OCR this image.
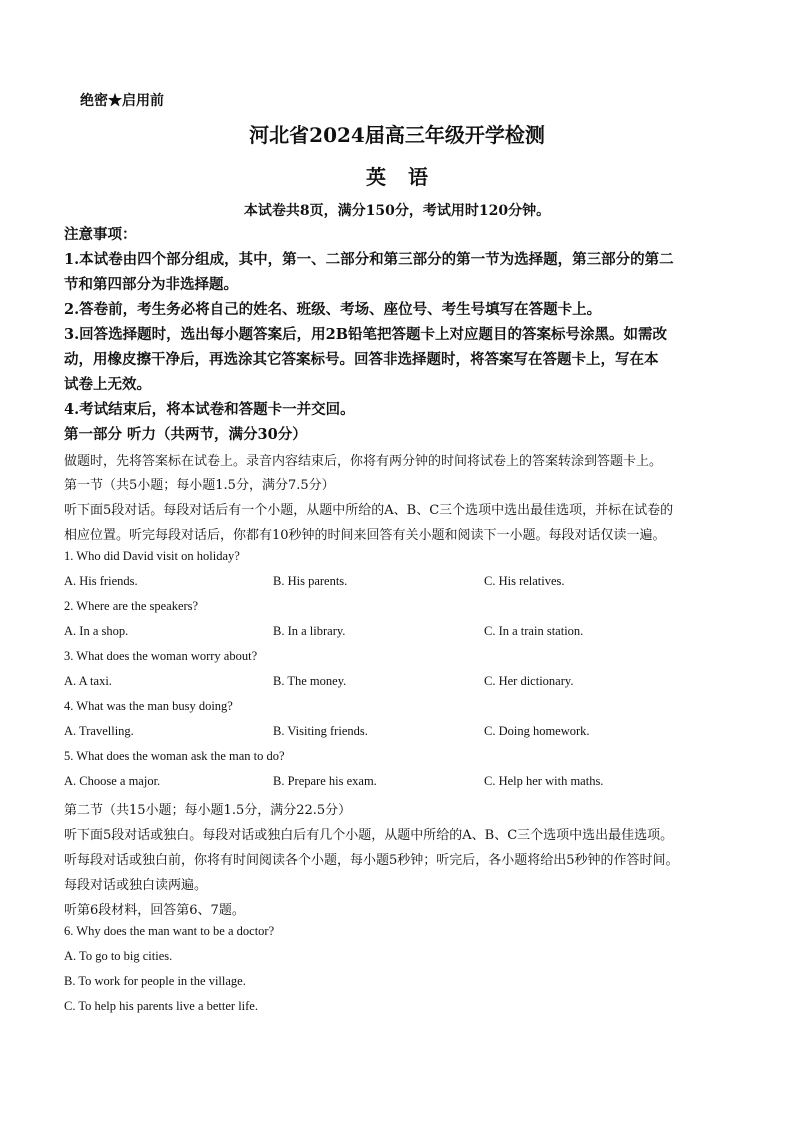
绝密★启用前
河北省2024届高三年级开学检测
英语
本试卷共8页，满分150分，考试用时120分钟。
注意事项：
1.本试卷由四个部分组成，其中，第一、二部分和第三部分的第一节为选择题，第三部分的第二
节和第四部分为非选择题。
2.答卷前，考生务必将自己的姓名、班级、考场、座位号、考生号填写在答题卡上。
3.回答选择题时，选出每小题答案后，用2B铅笔把答题卡上对应题目的答案标号涂黑。如需改
动，用橡皮擦干净后，再选涂其它答案标号。回答非选择题时，将答案写在答题卡上，写在本
试卷上无效。
4.考试结束后，将本试卷和答题卡一并交回。
第一部分 听力（共两节，满分30分）
做题时，先将答案标在试卷上。录音内容结束后，你将有两分钟的时间将试卷上的答案转涂到答题卡上。
第一节（共5小题；每小题1.5分，满分7.5分）
听下面5段对话。每段对话后有一个小题，从题中所给的A、B、C三个选项中选出最佳选项，并标在试卷的
相应位置。听完每段对话后，你都有10秒钟的时间来回答有关小题和阅读下一小题。每段对话仅读一遍。
1. Who did David visit on holiday?
A. His friends.	B. His parents.	C. His relatives.
2. Where are the speakers?
A. In a shop.	B. In a library.	C. In a train station.
3. What does the woman worry about?
A. A taxi.	B. The money.	C. Her dictionary.
4. What was the man busy doing?
A. Travelling.	B. Visiting friends.	C. Doing homework.
5. What does the woman ask the man to do?
A. Choose a major.	B. Prepare his exam.	C. Help her with maths.
第二节（共15小题；每小题1.5分，满分22.5分）
听下面5段对话或独白。每段对话或独白后有几个小题，从题中所给的A、B、C三个选项中选出最佳选项。
听每段对话或独白前，你将有时间阅读各个小题，每小题5秒钟；听完后，各小题将给出5秒钟的作答时间。
每段对话或独白读两遍。
听第6段材料，回答第6、7题。
6. Why does the man want to be a doctor?
A. To go to big cities.
B. To work for people in the village.
C. To help his parents live a better life.
